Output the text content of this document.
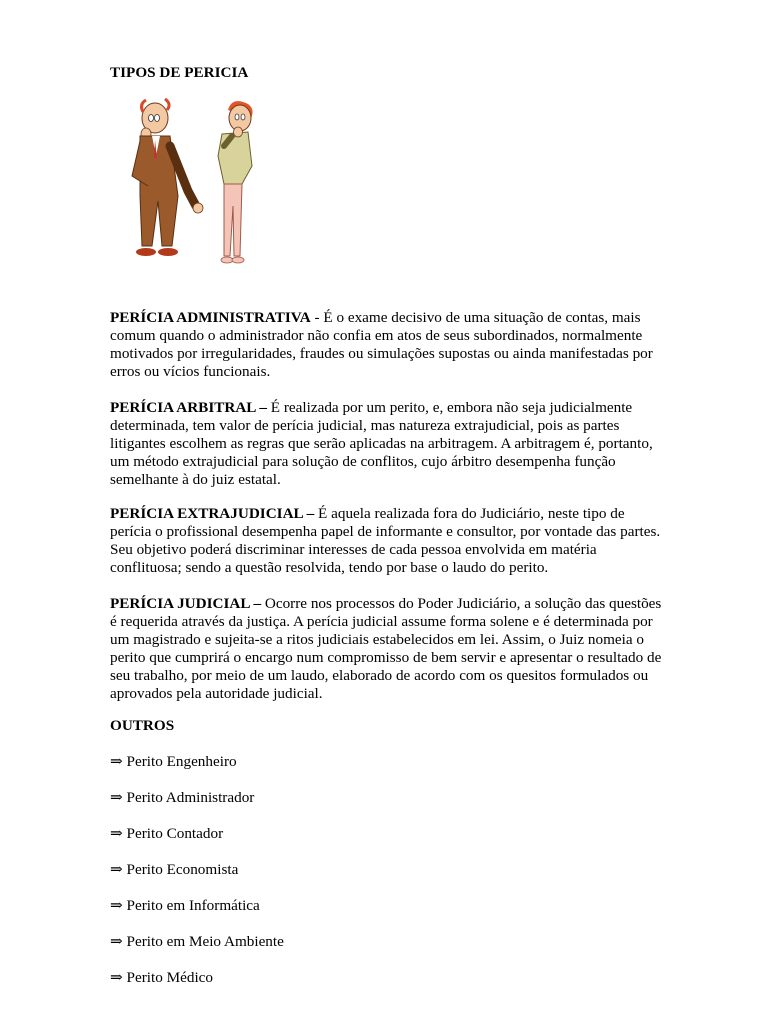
TIPOS DE PERICIA

PERÍCIA ADMINISTRATIVA - É o exame decisivo de uma situação de contas, mais comum quando o administrador não confia em atos de seus subordinados, normalmente motivados por irregularidades, fraudes ou simulações supostas ou ainda manifestadas por erros ou vícios funcionais.

PERÍCIA ARBITRAL – É realizada por um perito, e, embora não seja judicialmente determinada, tem valor de perícia judicial, mas natureza extrajudicial, pois as partes litigantes escolhem as regras que serão aplicadas na arbitragem. A arbitragem é, portanto, um método extrajudicial para solução de conflitos, cujo árbitro desempenha função semelhante à do juiz estatal.

PERÍCIA EXTRAJUDICIAL – É aquela realizada fora do Judiciário, neste tipo de perícia o profissional desempenha papel de informante e consultor, por vontade das partes. Seu objetivo poderá discriminar interesses de cada pessoa envolvida em matéria conflituosa; sendo a questão resolvida, tendo por base o laudo do perito.

PERÍCIA JUDICIAL – Ocorre nos processos do Poder Judiciário, a solução das questões é requerida através da justiça. A perícia judicial assume forma solene e é determinada por um magistrado e sujeita-se a ritos judiciais estabelecidos em lei. Assim, o Juiz nomeia o perito que cumprirá o encargo num compromisso de bem servir e apresentar o resultado de seu trabalho, por meio de um laudo, elaborado de acordo com os quesitos formulados ou aprovados pela autoridade judicial.

OUTROS

⇒ Perito Engenheiro

⇒ Perito Administrador

⇒ Perito Contador

⇒ Perito Economista

⇒ Perito em Informática

⇒ Perito em Meio Ambiente

⇒ Perito Médico
